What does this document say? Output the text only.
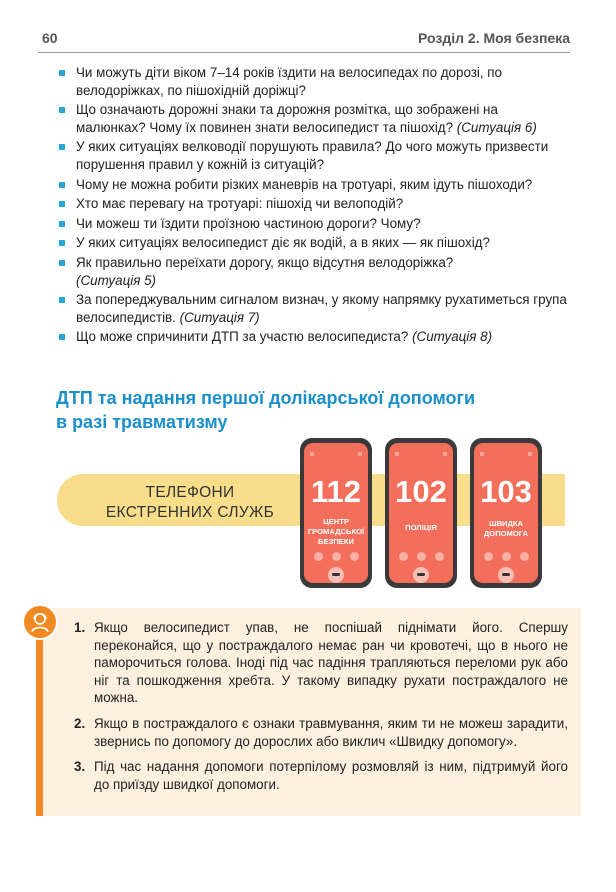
60	Розділ 2. Моя безпека
Чи можуть діти віком 7–14 років їздити на велосипедах по дорозі, по велодоріжках, по пішохідній доріжці?
Що означають дорожні знаки та дорожня розмітка, що зображені на малюнках? Чому їх повинен знати велосипедист та пішохід? (Ситуація 6)
У яких ситуаціях велководії порушують правила? До чого можуть призвести порушення правил у кожній із ситуацій?
Чому не можна робити різких маневрів на тротуарі, яким ідуть пішоходи?
Хто має перевагу на тротуарі: пішохід чи велоподій?
Чи можеш ти їздити проїзною частиною дороги? Чому?
У яких ситуаціях велосипедист діє як водій, а в яких — як пішохід?
Як правильно переїхати дорогу, якщо відсутня велодоріжка?
(Ситуація 5)
За попереджувальним сигналом визнач, у якому напрямку рухатиметься група велосипедистів. (Ситуація 7)
Що може спричинити ДТП за участю велосипедиста? (Ситуація 8)
ДТП та надання першої долікарської допомоги
в разі травматизму
ТЕЛЕФОНИ
ЕКСТРЕННИХ СЛУЖБ
112
ЦЕНТР
ГРОМАДСЬКОЇ
БЕЗПЕКИ
102
ПОЛІЦІЯ
103
ШВИДКА
ДОПОМОГА
1. Якщо велосипедист упав, не поспішай піднімати його. Спершу переконайся, що у постраждалого немає ран чи кровотечі, що в нього не паморочиться голова. Іноді під час падіння трапляються переломи рук або ніг та пошкодження хребта. У такому випадку рухати постраждалого не можна.
2. Якщо в постраждалого є ознаки травмування, яким ти не можеш зарадити, звернись по допомогу до дорослих або виклич «Швидку допомогу».
3. Під час надання допомоги потерпілому розмовляй із ним, підтримуй його до приїзду швидкої допомоги.
